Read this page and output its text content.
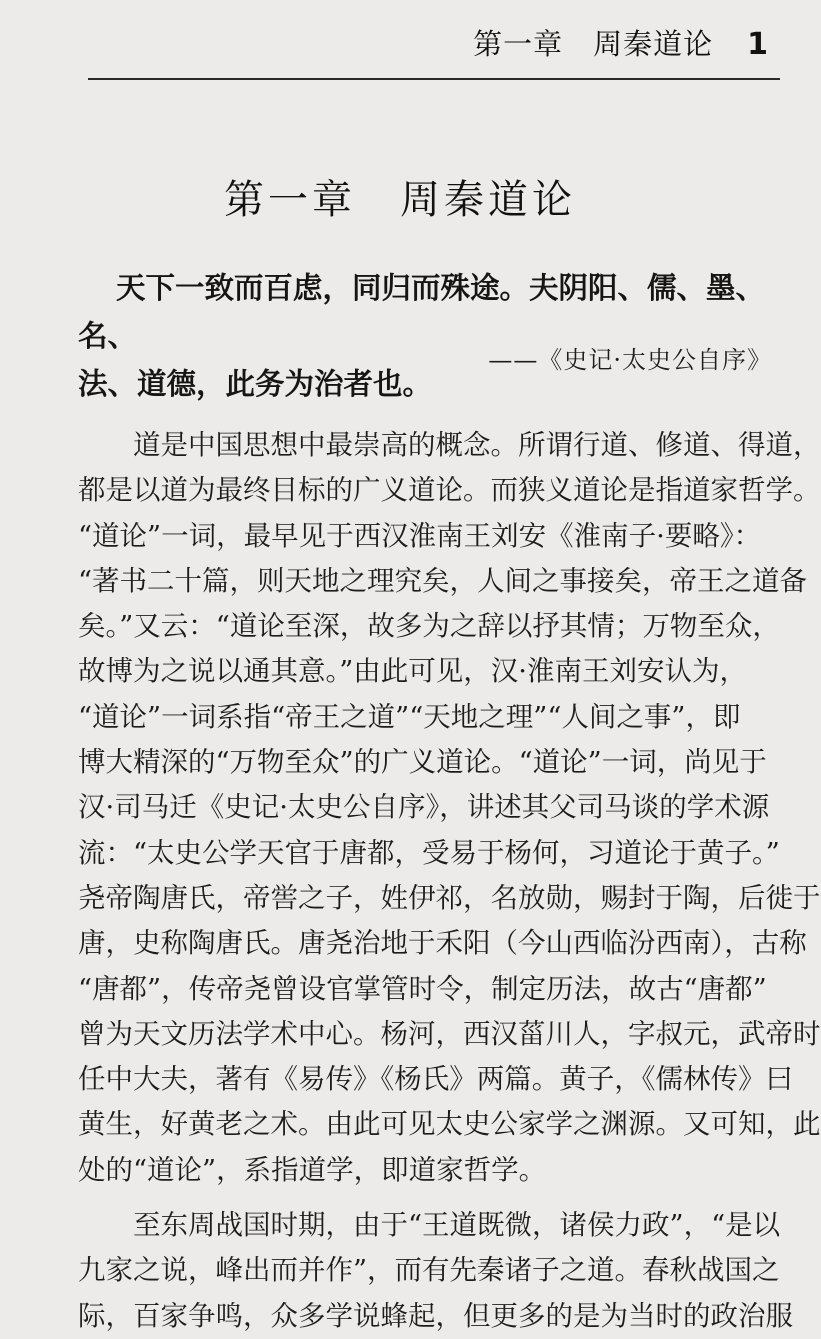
第一章　周秦道论 1
第一章 周秦道论
天下一致而百虑，同归而殊途。夫阴阳、儒、墨、名、
法、道德，此务为治者也。
——《史记·太史公自序》

　　道是中国思想中最崇高的概念。所谓行道、修道、得道，
都是以道为最终目标的广义道论。而狭义道论是指道家哲学。
“道论”一词，最早见于西汉淮南王刘安《淮南子·要略》：
“著书二十篇，则天地之理究矣，人间之事接矣，帝王之道备
矣。”又云：“道论至深，故多为之辞以抒其情；万物至众，
故博为之说以通其意。”由此可见，汉·淮南王刘安认为，
“道论”一词系指“帝王之道”“天地之理”“人间之事”，即
博大精深的“万物至众”的广义道论。“道论”一词，尚见于
汉·司马迁《史记·太史公自序》，讲述其父司马谈的学术源
流：“太史公学天官于唐都，受易于杨何，习道论于黄子。”
尧帝陶唐氏，帝喾之子，姓伊祁，名放勋，赐封于陶，后徙于
唐，史称陶唐氏。唐尧治地于禾阳（今山西临汾西南），古称
“唐都”，传帝尧曾设官掌管时令，制定历法，故古“唐都”
曾为天文历法学术中心。杨河，西汉菑川人，字叔元，武帝时
任中大夫，著有《易传》《杨氏》两篇。黄子，《儒林传》曰
黄生，好黄老之术。由此可见太史公家学之渊源。又可知，此
处的“道论”，系指道学，即道家哲学。

　　至东周战国时期，由于“王道既微，诸侯力政”，“是以
九家之说，峰出而并作”，而有先秦诸子之道。春秋战国之
际，百家争鸣，众多学说蜂起，但更多的是为当时的政治服
